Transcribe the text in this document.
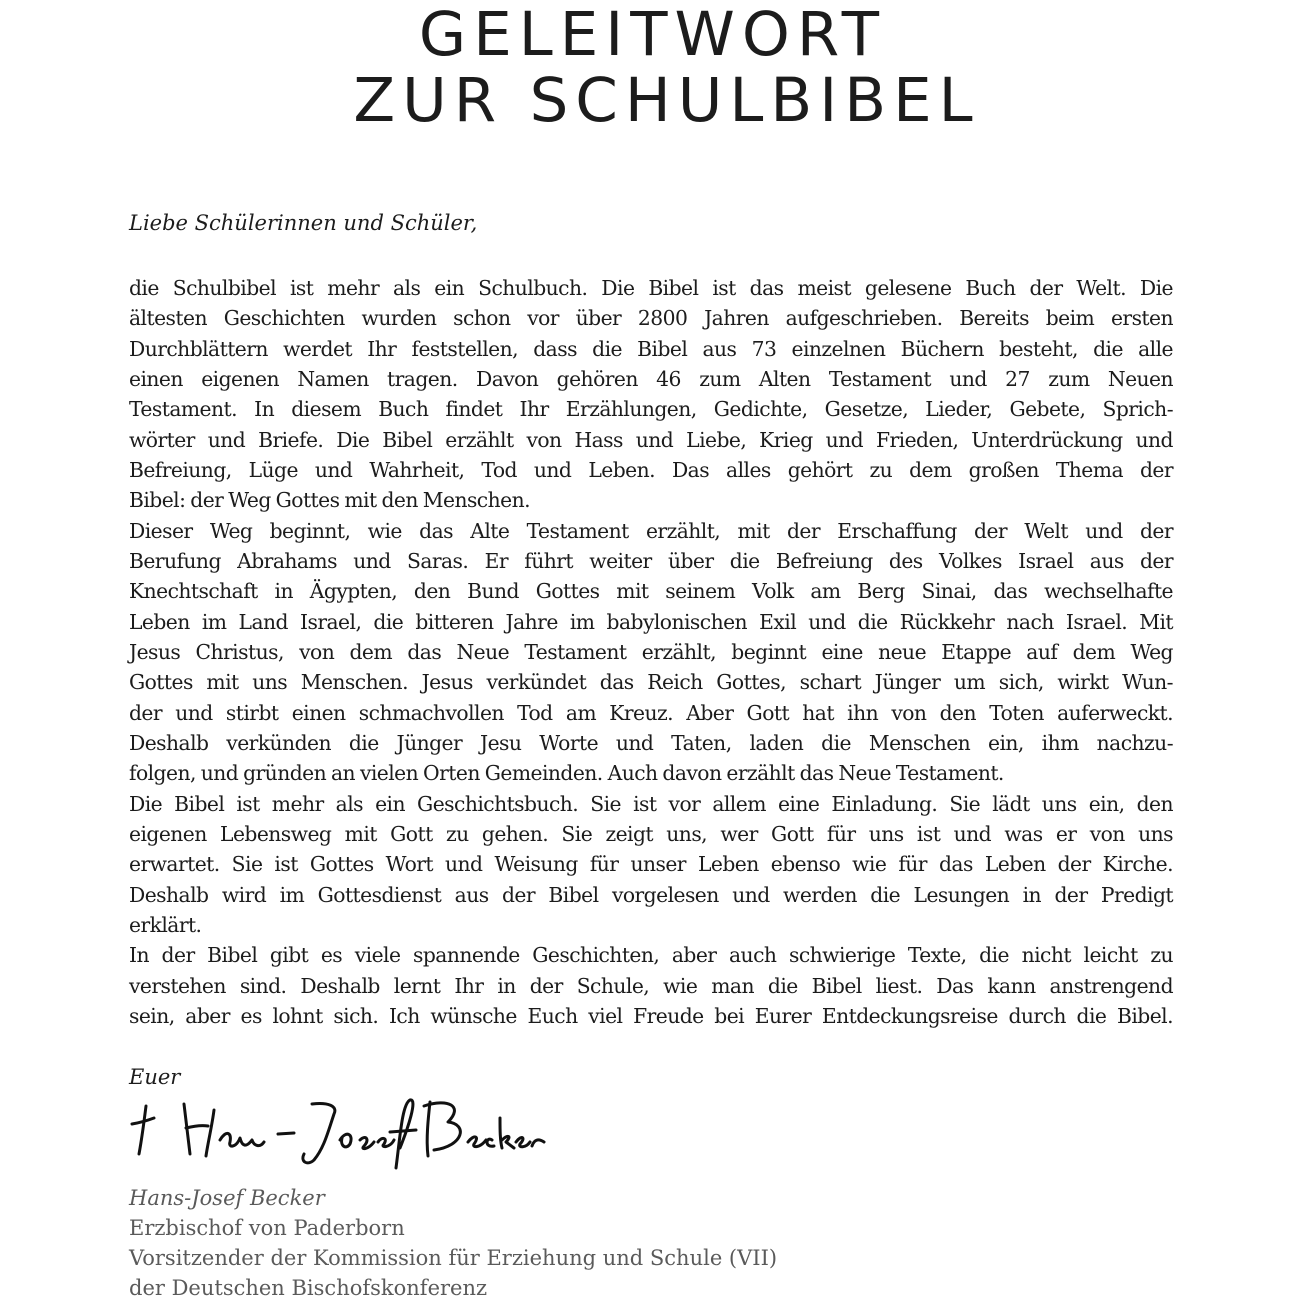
GELEITWORT
ZUR SCHULBIBEL
Liebe Schülerinnen und Schüler,
die Schulbibel ist mehr als ein Schulbuch. Die Bibel ist das meist gelesene Buch der Welt. Die
ältesten Geschichten wurden schon vor über 2800 Jahren aufgeschrieben. Bereits beim ersten
Durchblättern werdet Ihr feststellen, dass die Bibel aus 73 einzelnen Büchern besteht, die alle
einen eigenen Namen tragen. Davon gehören 46 zum Alten Testament und 27 zum Neuen
Testament. In diesem Buch findet Ihr Erzählungen, Gedichte, Gesetze, Lieder, Gebete, Sprich-
wörter und Briefe. Die Bibel erzählt von Hass und Liebe, Krieg und Frieden, Unterdrückung und
Befreiung, Lüge und Wahrheit, Tod und Leben. Das alles gehört zu dem großen Thema der
Bibel: der Weg Gottes mit den Menschen.
Dieser Weg beginnt, wie das Alte Testament erzählt, mit der Erschaffung der Welt und der
Berufung Abrahams und Saras. Er führt weiter über die Befreiung des Volkes Israel aus der
Knechtschaft in Ägypten, den Bund Gottes mit seinem Volk am Berg Sinai, das wechselhafte
Leben im Land Israel, die bitteren Jahre im babylonischen Exil und die Rückkehr nach Israel. Mit
Jesus Christus, von dem das Neue Testament erzählt, beginnt eine neue Etappe auf dem Weg
Gottes mit uns Menschen. Jesus verkündet das Reich Gottes, schart Jünger um sich, wirkt Wun-
der und stirbt einen schmachvollen Tod am Kreuz. Aber Gott hat ihn von den Toten auferweckt.
Deshalb verkünden die Jünger Jesu Worte und Taten, laden die Menschen ein, ihm nachzu-
folgen, und gründen an vielen Orten Gemeinden. Auch davon erzählt das Neue Testament.
Die Bibel ist mehr als ein Geschichtsbuch. Sie ist vor allem eine Einladung. Sie lädt uns ein, den
eigenen Lebensweg mit Gott zu gehen. Sie zeigt uns, wer Gott für uns ist und was er von uns
erwartet. Sie ist Gottes Wort und Weisung für unser Leben ebenso wie für das Leben der Kirche.
Deshalb wird im Gottesdienst aus der Bibel vorgelesen und werden die Lesungen in der Predigt
erklärt.
In der Bibel gibt es viele spannende Geschichten, aber auch schwierige Texte, die nicht leicht zu
verstehen sind. Deshalb lernt Ihr in der Schule, wie man die Bibel liest. Das kann anstrengend
sein, aber es lohnt sich. Ich wünsche Euch viel Freude bei Eurer Entdeckungsreise durch die Bibel.
Euer
Hans-Josef Becker
Erzbischof von Paderborn
Vorsitzender der Kommission für Erziehung und Schule (VII)
der Deutschen Bischofskonferenz
